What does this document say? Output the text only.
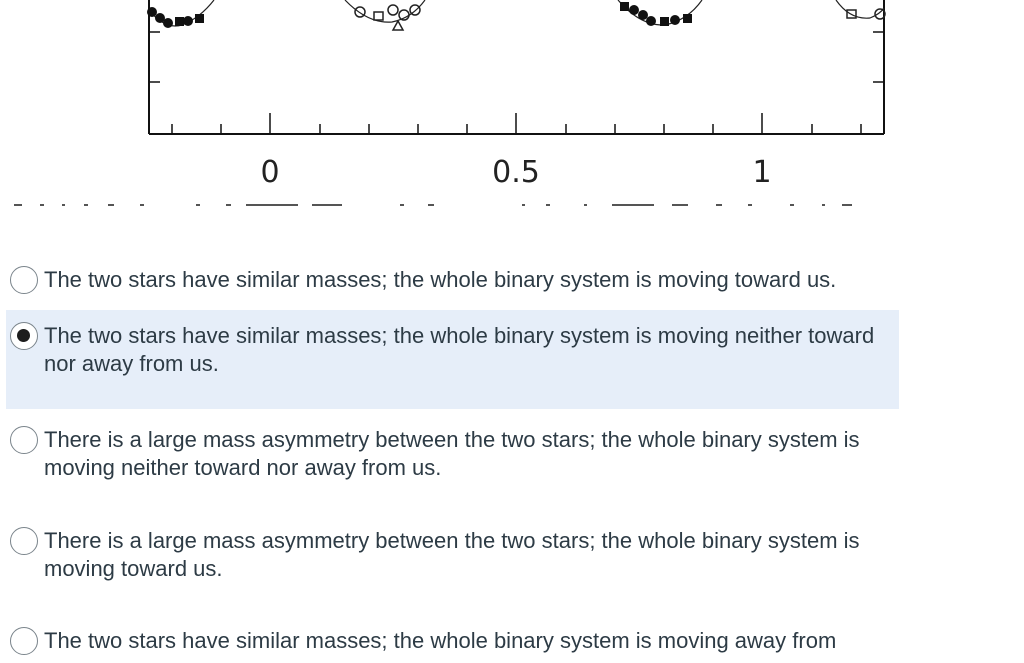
0	0.5	1
The two stars have similar masses; the whole binary system is moving toward us.
The two stars have similar masses; the whole binary system is moving neither toward nor away from us.
There is a large mass asymmetry between the two stars; the whole binary system is moving neither toward nor away from us.
There is a large mass asymmetry between the two stars; the whole binary system is moving toward us.
The two stars have similar masses; the whole binary system is moving away from
